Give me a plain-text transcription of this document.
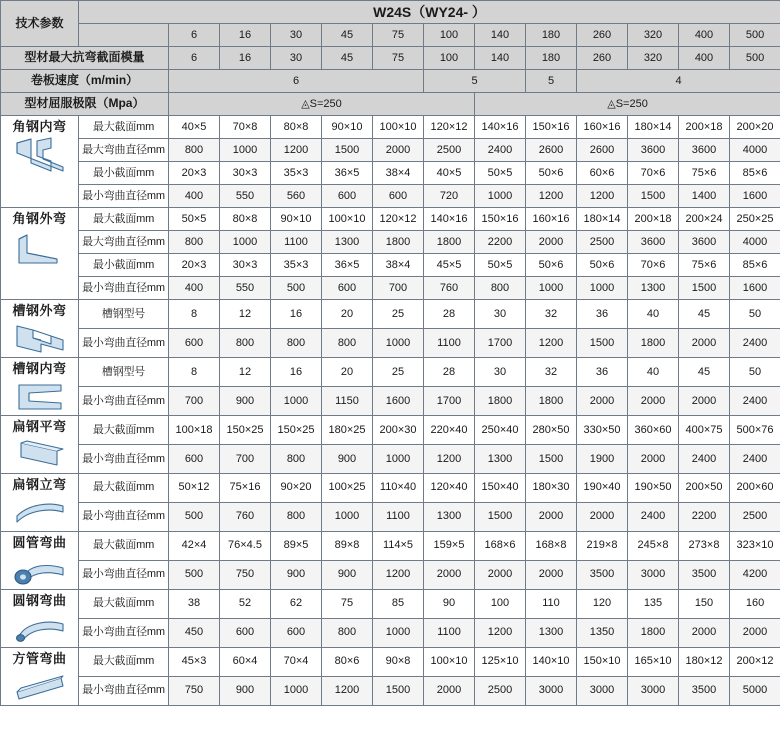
技术参数	W24S（WY24- ）												
		6	16	30	45	75	100	140	180	260	320	400	500
型材最大抗弯截面模量		6	16	30	45	75	100	140	180	260	320	400	500
卷板速度（m/min）		6					5		5	4			
型材屈服极限（Mpa）		◬S=250						◬S=250					

角钢内弯	最大截面mm	40×5	70×8	80×8	90×10	100×10	120×12	140×16	150×16	160×16	180×14	200×18	200×20
	最大弯曲直径mm	800	1000	1200	1500	2000	2500	2400	2600	2600	3600	3600	4000
	最小截面mm	20×3	30×3	35×3	36×5	38×4	40×5	50×5	50×6	60×6	70×6	75×6	85×6
	最小弯曲直径mm	400	550	560	600	600	720	1000	1200	1200	1500	1400	1600

角钢外弯	最大截面mm	50×5	80×8	90×10	100×10	120×12	140×16	150×16	160×16	180×14	200×18	200×24	250×25
	最大弯曲直径mm	800	1000	1100	1300	1800	1800	2200	2000	2500	3600	3600	4000
	最小截面mm	20×3	30×3	35×3	36×5	38×4	45×5	50×5	50×6	50×6	70×6	75×6	85×6
	最小弯曲直径mm	400	550	500	600	700	760	800	1000	1000	1300	1500	1600

槽钢外弯	槽钢型号	8	12	16	20	25	28	30	32	36	40	45	50
	最小弯曲直径mm	600	800	800	800	1000	1100	1700	1200	1500	1800	2000	2400

槽钢内弯	槽钢型号	8	12	16	20	25	28	30	32	36	40	45	50
	最小弯曲直径mm	700	900	1000	1150	1600	1700	1800	1800	2000	2000	2000	2400

扁钢平弯	最大截面mm	100×18	150×25	150×25	180×25	200×30	220×40	250×40	280×50	330×50	360×60	400×75	500×76
	最小弯曲直径mm	600	700	800	900	1000	1200	1300	1500	1900	2000	2400	2400

扁钢立弯	最大截面mm	50×12	75×16	90×20	100×25	110×40	120×40	150×40	180×30	190×40	190×50	200×50	200×60
	最小弯曲直径mm	500	760	800	1000	1100	1300	1500	2000	2000	2400	2200	2500

圆管弯曲	最大截面mm	42×4	76×4.5	89×5	89×8	114×5	159×5	168×6	168×8	219×8	245×8	273×8	323×10
	最小弯曲直径mm	500	750	900	900	1200	2000	2000	2000	3500	3000	3500	4200

圆钢弯曲	最大截面mm	38	52	62	75	85	90	100	110	120	135	150	160
	最小弯曲直径mm	450	600	600	800	1000	1100	1200	1300	1350	1800	2000	2000

方管弯曲	最大截面mm	45×3	60×4	70×4	80×6	90×8	100×10	125×10	140×10	150×10	165×10	180×12	200×12
	最小弯曲直径mm	750	900	1000	1200	1500	2000	2500	3000	3000	3000	3500	5000
